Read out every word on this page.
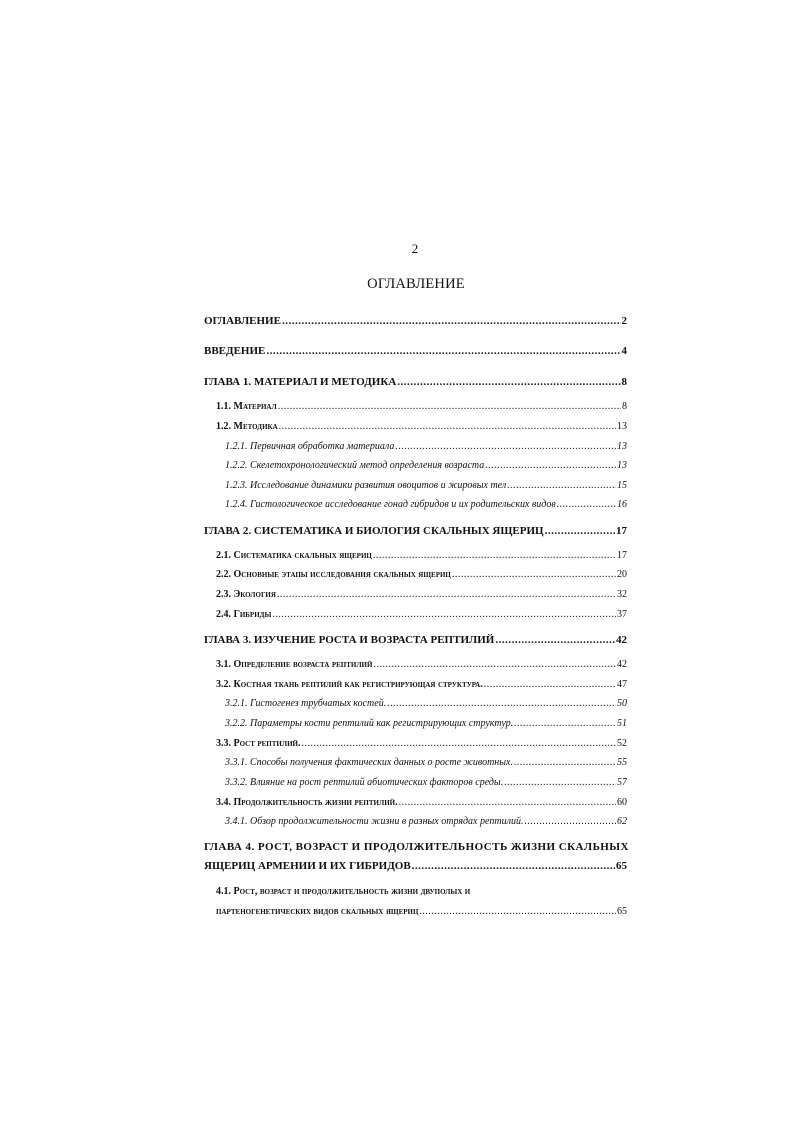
2
ОГЛАВЛЕНИЕ
ОГЛАВЛЕНИЕ .....	2
ВВЕДЕНИЕ .....	4
ГЛАВА 1. МАТЕРИАЛ И МЕТОДИКА .....	8
1.1. Материал .....	8
1.2. Методика .....	13
1.2.1. Первичная обработка материала .....	13
1.2.2. Скелетохронологический метод определения возраста .....	13
1.2.3. Исследование динамики развития овоцитов и жировых тел .....	15
1.2.4. Гистологическое исследование гонад гибридов и их родительских видов .....	16
ГЛАВА 2. СИСТЕМАТИКА И БИОЛОГИЯ СКАЛЬНЫХ ЯЩЕРИЦ .....	17
2.1. Систематика скальных ящериц .....	17
2.2. Основные этапы исследования скальных ящериц .....	20
2.3. Экология .....	32
2.4. Гибриды .....	37
ГЛАВА 3. ИЗУЧЕНИЕ РОСТА И ВОЗРАСТА РЕПТИЛИЙ .....	42
3.1. Определение возраста рептилий .....	42
3.2. Костная ткань рептилий как регистрирующая структура. .....	47
3.2.1. Гистогенез трубчатых костей. .....	50
3.2.2. Параметры кости рептилий как регистрирующих структур. .....	51
3.3. Рост рептилий. .....	52
3.3.1. Способы получения фактических данных о росте животных. .....	55
3.3.2. Влияние на рост рептилий абиотических факторов среды. .....	57
3.4. Продолжительность жизни рептилий. .....	60
3.4.1. Обзор продолжительности жизни в разных отрядах рептилий. .....	62
ГЛАВА 4. РОСТ, ВОЗРАСТ И ПРОДОЛЖИТЕЛЬНОСТЬ ЖИЗНИ СКАЛЬНЫХ
ЯЩЕРИЦ АРМЕНИИ И ИХ ГИБРИДОВ .....	65
4.1. Рост, возраст и продолжительность жизни двуполых и
партеногенетических видов скальных ящериц .....	65
